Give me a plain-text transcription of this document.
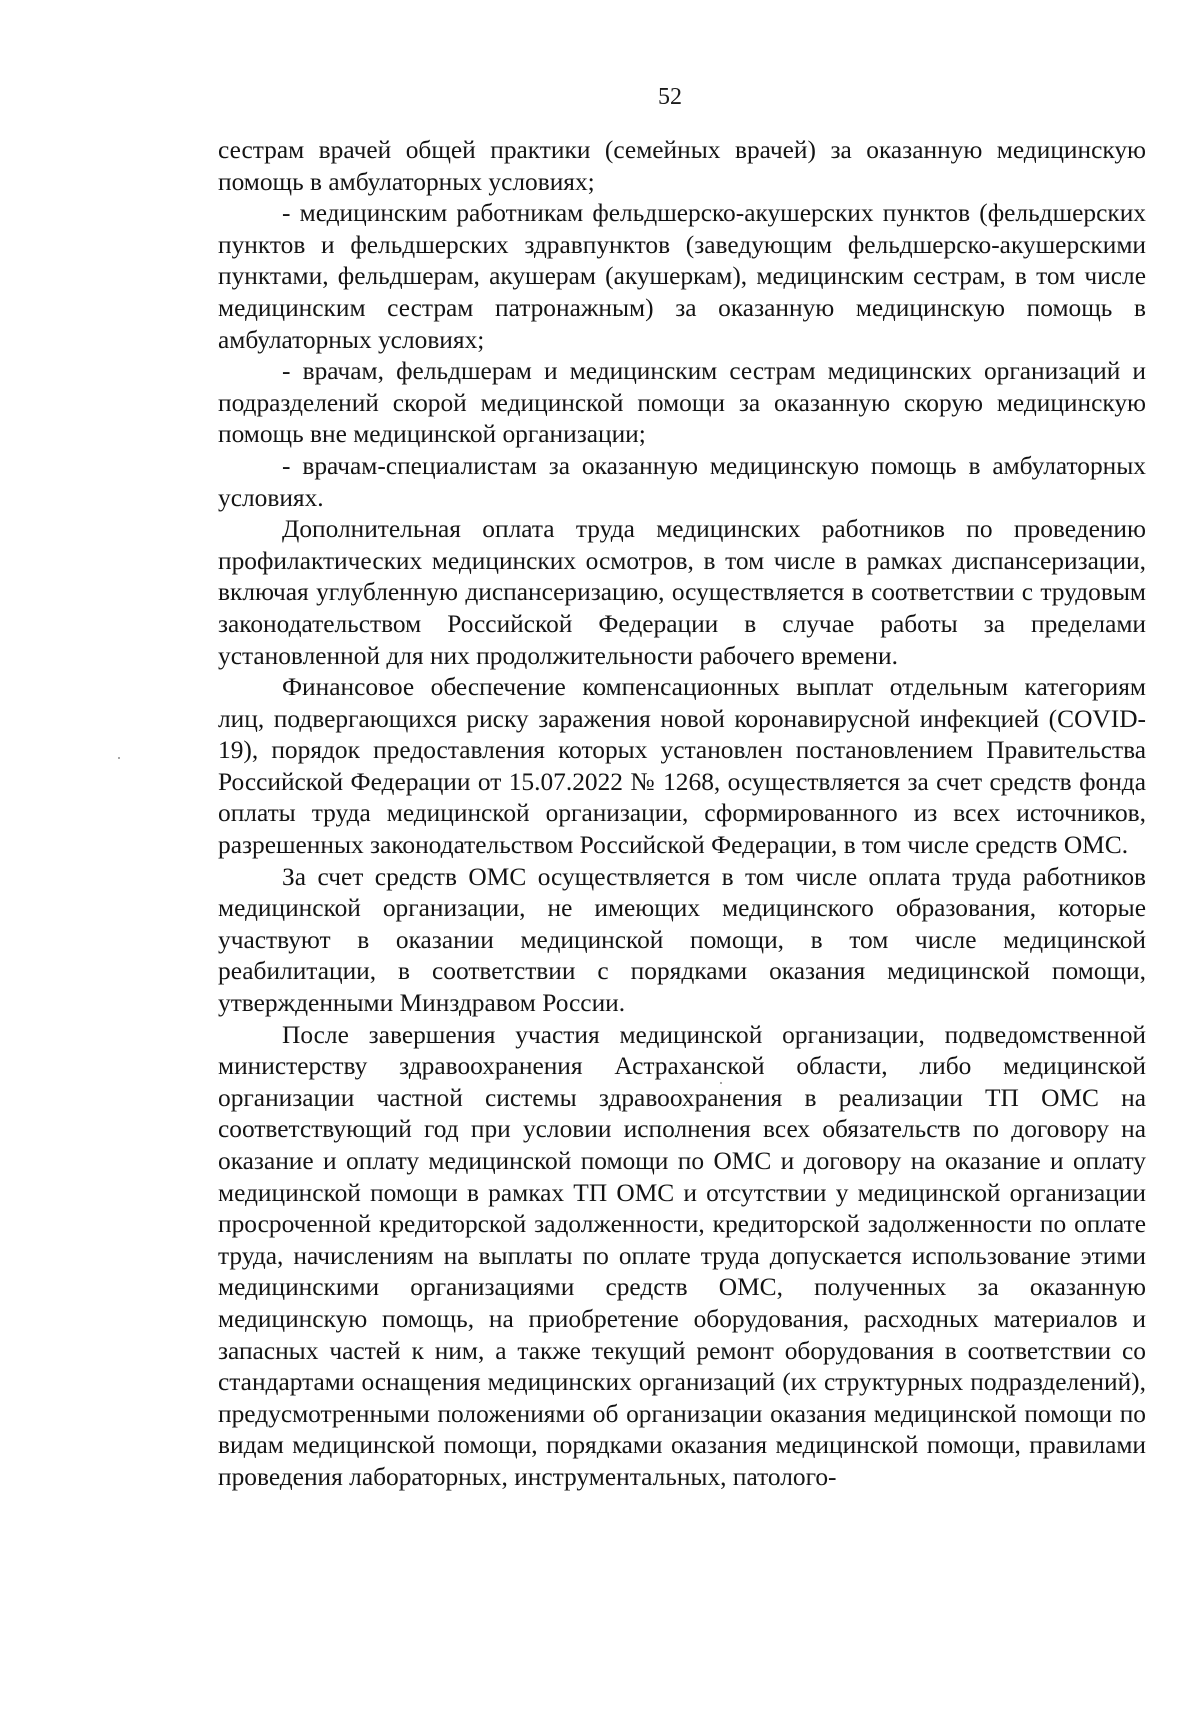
52

сестрам врачей общей практики (семейных врачей) за оказанную медицинскую помощь в амбулаторных условиях;

- медицинским работникам фельдшерско-акушерских пунктов (фельдшерских пунктов и фельдшерских здравпунктов (заведующим фельдшерско-акушерскими пунктами, фельдшерам, акушерам (акушеркам), медицинским сестрам, в том числе медицинским сестрам патронажным) за оказанную медицинскую помощь в амбулаторных условиях;

- врачам, фельдшерам и медицинским сестрам медицинских организаций и подразделений скорой медицинской помощи за оказанную скорую медицинскую помощь вне медицинской организации;

- врачам-специалистам за оказанную медицинскую помощь в амбулаторных условиях.

Дополнительная оплата труда медицинских работников по проведению профилактических медицинских осмотров, в том числе в рамках диспансеризации, включая углубленную диспансеризацию, осуществляется в соответствии с трудовым законодательством Российской Федерации в случае работы за пределами установленной для них продолжительности рабочего времени.

Финансовое обеспечение компенсационных выплат отдельным категориям лиц, подвергающихся риску заражения новой коронавирусной инфекцией (COVID-19), порядок предоставления которых установлен постановлением Правительства Российской Федерации от 15.07.2022 № 1268, осуществляется за счет средств фонда оплаты труда медицинской организации, сформированного из всех источников, разрешенных законодательством Российской Федерации, в том числе средств ОМС.

За счет средств ОМС осуществляется в том числе оплата труда работников медицинской организации, не имеющих медицинского образования, которые участвуют в оказании медицинской помощи, в том числе медицинской реабилитации, в соответствии с порядками оказания медицинской помощи, утвержденными Минздравом России.

После завершения участия медицинской организации, подведомственной министерству здравоохранения Астраханской области, либо медицинской организации частной системы здравоохранения в реализации ТП ОМС на соответствующий год при условии исполнения всех обязательств по договору на оказание и оплату медицинской помощи по ОМС и договору на оказание и оплату медицинской помощи в рамках ТП ОМС и отсутствии у медицинской организации просроченной кредиторской задолженности, кредиторской задолженности по оплате труда, начислениям на выплаты по оплате труда допускается использование этими медицинскими организациями средств ОМС, полученных за оказанную медицинскую помощь, на приобретение оборудования, расходных материалов и запасных частей к ним, а также текущий ремонт оборудования в соответствии со стандартами оснащения медицинских организаций (их структурных подразделений), предусмотренными положениями об организации оказания медицинской помощи по видам медицинской помощи, порядками оказания медицинской помощи, правилами проведения лабораторных, инструментальных, патолого-
